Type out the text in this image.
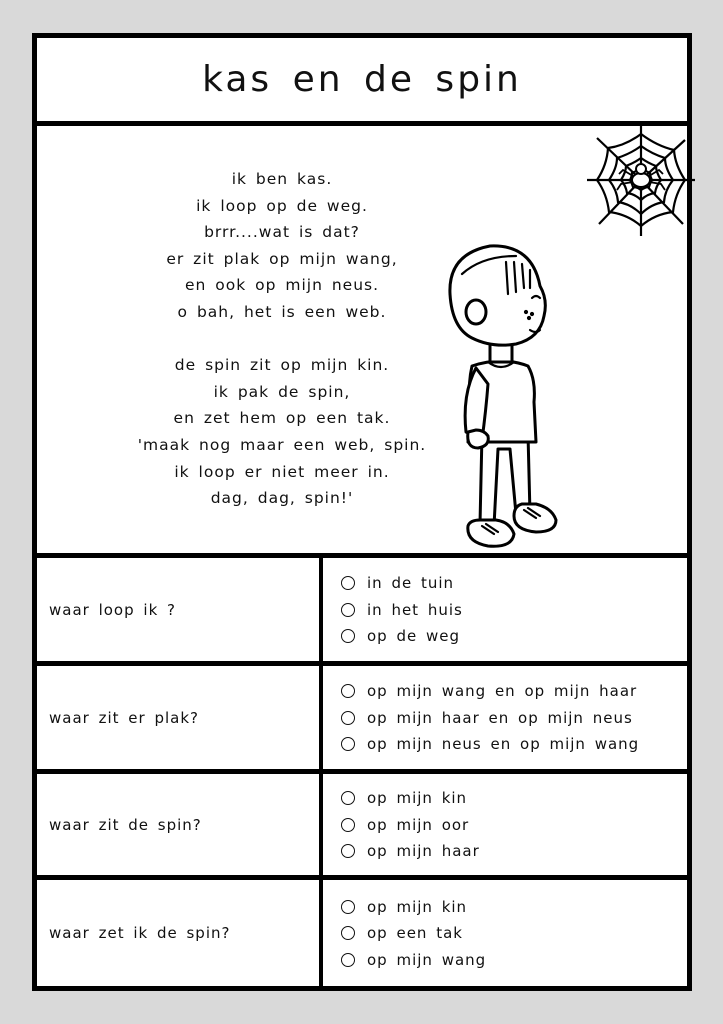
kas en de spin
ik ben kas.
ik loop op de weg.
brrr....wat is dat?
er zit plak op mijn wang,
en ook op mijn neus.
o bah, het is een web.
de spin zit op mijn kin.
ik pak de spin,
en zet hem op een tak.
'maak nog maar een web, spin.
ik loop er niet meer in.
dag, dag, spin!'
waar loop ik ?
in de tuin
in het huis
op de weg
waar zit er plak?
op mijn wang en op mijn haar
op mijn haar en op mijn neus
op mijn neus en op mijn wang
waar zit de spin?
op mijn kin
op mijn oor
op mijn haar
waar zet ik de spin?
op mijn kin
op een tak
op mijn wang
